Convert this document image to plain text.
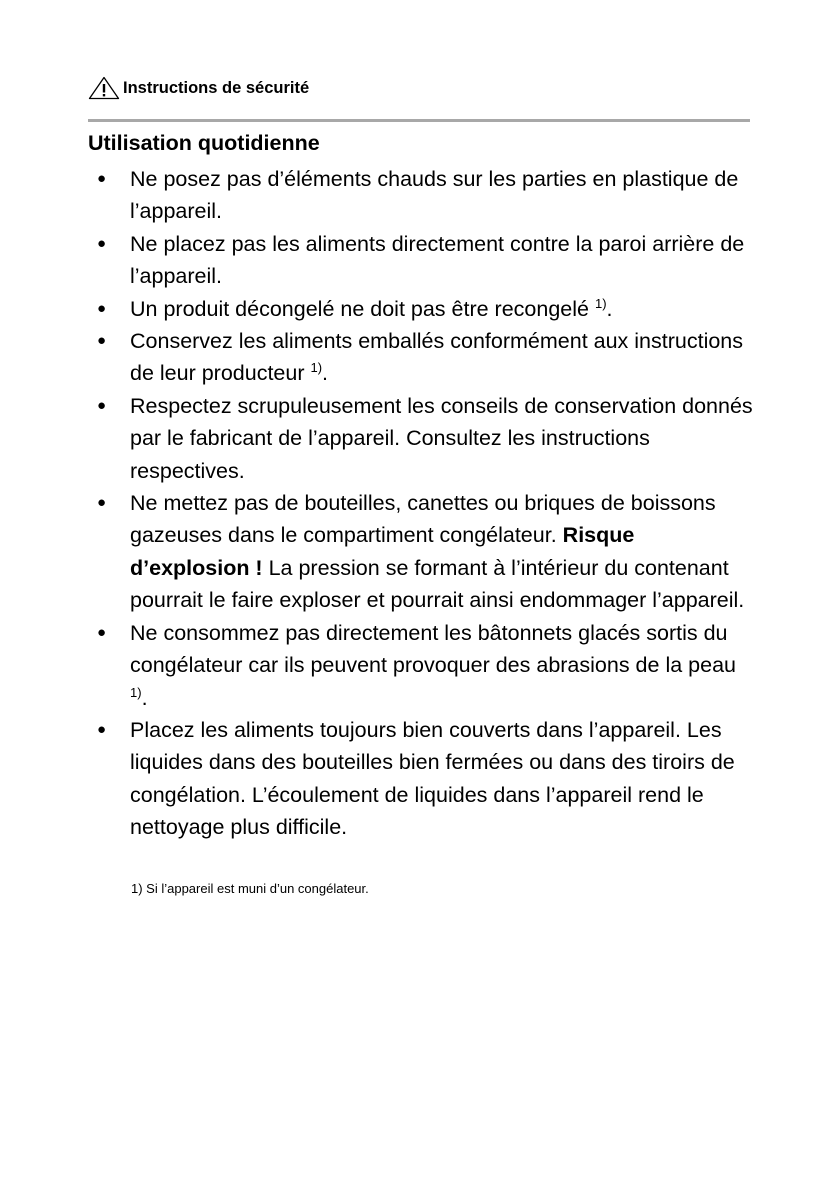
Instructions de sécurité
Utilisation quotidienne
● Ne posez pas d’éléments chauds sur les parties en plastique de l’appareil.
● Ne placez pas les aliments directement contre la paroi arrière de l’appareil.
● Un produit décongelé ne doit pas être recongelé $^{1)}$.
● Conservez les aliments emballés conformément aux instructions de leur producteur $^{1)}$.
● Respectez scrupuleusement les conseils de conservation donnés par le fabricant de l’appareil. Consultez les instructions respectives.
● Ne mettez pas de bouteilles, canettes ou briques de boissons gazeuses dans le compartiment congélateur. Risque d’explosion ! La pression se formant à l’intérieur du contenant pourrait le faire exploser et pourrait ainsi endommager l’appareil.
● Ne consommez pas directement les bâtonnets glacés sortis du congélateur car ils peuvent provoquer des abrasions de la peau $^{1)}$.
● Placez les aliments toujours bien couverts dans l’appareil. Les liquides dans des bouteilles bien fermées ou dans des tiroirs de congélation. L’écoulement de liquides dans l’appareil rend le nettoyage plus difficile.
1) Si l’appareil est muni d’un congélateur.
